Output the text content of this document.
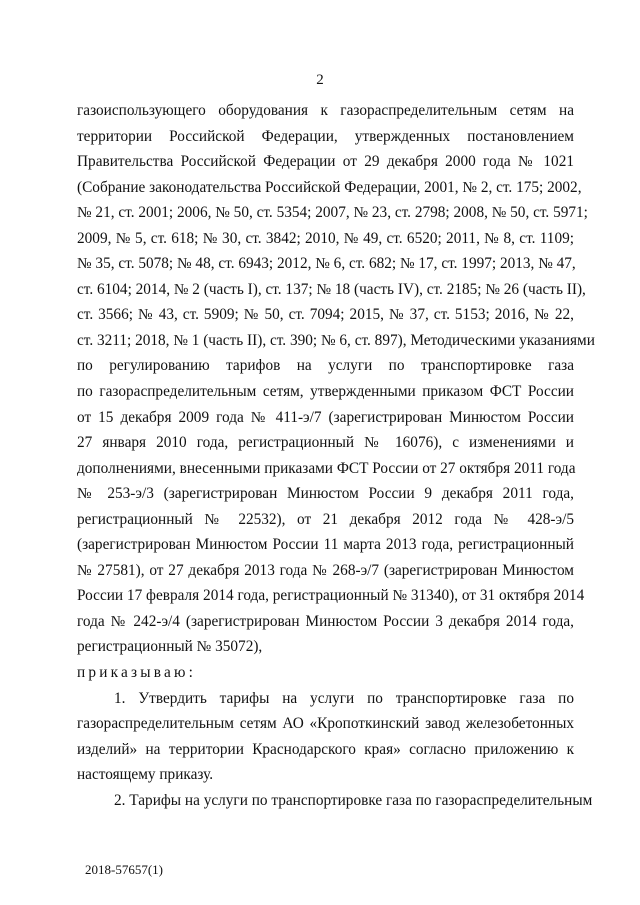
2
газоиспользующего оборудования к газораспределительным сетям на
территории Российской Федерации, утвержденных постановлением
Правительства Российской Федерации от 29 декабря 2000 года № 1021
(Собрание законодательства Российской Федерации, 2001, № 2, ст. 175; 2002,
№ 21, ст. 2001; 2006, № 50, ст. 5354; 2007, № 23, ст. 2798; 2008, № 50, ст. 5971;
2009, № 5, ст. 618; № 30, ст. 3842; 2010, № 49, ст. 6520; 2011, № 8, ст. 1109;
№ 35, ст. 5078; № 48, ст. 6943; 2012, № 6, ст. 682; № 17, ст. 1997; 2013, № 47,
ст. 6104; 2014, № 2 (часть I), ст. 137; № 18 (часть IV), ст. 2185; № 26 (часть II),
ст. 3566; № 43, ст. 5909; № 50, ст. 7094; 2015, № 37, ст. 5153; 2016, № 22,
ст. 3211; 2018, № 1 (часть II), ст. 390; № 6, ст. 897), Методическими указаниями
по регулированию тарифов на услуги по транспортировке газа
по газораспределительным сетям, утвержденными приказом ФСТ России
от 15 декабря 2009 года № 411-э/7 (зарегистрирован Минюстом России
27 января 2010 года, регистрационный № 16076), с изменениями и
дополнениями, внесенными приказами ФСТ России от 27 октября 2011 года
№ 253-э/3 (зарегистрирован Минюстом России 9 декабря 2011 года,
регистрационный № 22532), от 21 декабря 2012 года № 428-э/5
(зарегистрирован Минюстом России 11 марта 2013 года, регистрационный
№ 27581), от 27 декабря 2013 года № 268-э/7 (зарегистрирован Минюстом
России 17 февраля 2014 года, регистрационный № 31340), от 31 октября 2014
года № 242-э/4 (зарегистрирован Минюстом России 3 декабря 2014 года,
регистрационный № 35072),
приказываю:
1. Утвердить тарифы на услуги по транспортировке газа по
газораспределительным сетям АО «Кропоткинский завод железобетонных
изделий» на территории Краснодарского края» согласно приложению к
настоящему приказу.
2. Тарифы на услуги по транспортировке газа по газораспределительным
2018-57657(1)
